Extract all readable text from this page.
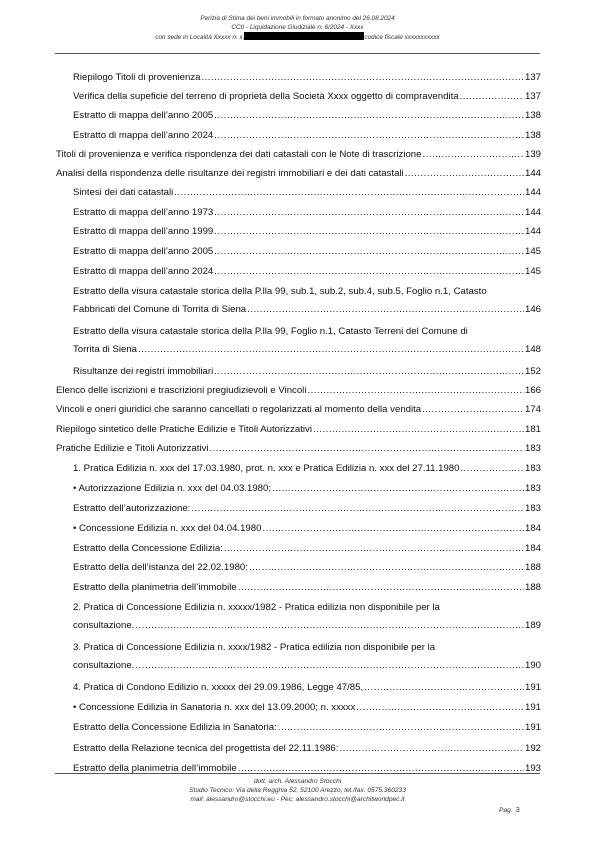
Perizia di Stima dei beni immobili in formato anonimo del 26.08.2024
CCII - Liquidazione Giudiziale n. 6/2024 - Xxxx
con sede in Località Xxxxx n. x,	codice fiscale xxxxxxxxxxx
Riepilogo Titoli di provenienza .....	137
Verifica della supeficie del terreno di proprietà della Società Xxxx oggetto di compravendita .....	137
Estratto di mappa dell’anno 2005 .....	138
Estratto di mappa dell’anno 2024 .....	138
Titoli di provenienza e verifica rispondenza dei dati catastali con le Note di trascrizione .....	139
Analisi della rispondenza delle risultanze dei registri immobiliari e dei dati catastali .....	144
Sintesi dei dati catastali .....	144
Estratto di mappa dell’anno 1973 .....	144
Estratto di mappa dell’anno 1999 .....	144
Estratto di mappa dell’anno 2005 .....	145
Estratto di mappa dell’anno 2024 .....	145
Estratto della visura catastale storica della P.lla 99, sub.1, sub.2, sub.4, sub.5, Foglio n.1, Catasto
Fabbricati del Comune di Torrita di Siena .....	146
Estratto della visura catastale storica della P.lla 99, Foglio n.1, Catasto Terreni del Comune di
Torrita di Siena .....	148
Risultanze dei registri immobiliari .....	152
Elenco delle iscrizioni e trascrizioni pregiudizievoli e Vincoli .....	166
Vincoli e oneri giuridici che saranno cancellati o regolarizzati al momento della vendita .....	174
Riepilogo sintetico delle Pratiche Edilizie e Titoli Autorizzativi .....	181
Pratiche Edilizie e Titoli Autorizzativi .....	183
1. Pratica Edilizia n. xxx del 17.03.1980, prot. n. xxx e Pratica Edilizia n. xxx del 27.11.1980 .....	183
• Autorizzazione Edilizia n. xxx del 04.03.1980; .....	183
Estratto dell’autorizzazione: .....	183
• Concessione Edilizia n. xxx del 04.04.1980 .....	184
Estratto della Concessione Edilizia: .....	184
Estratto della dell’istanza del 22.02.1980: .....	188
Estratto della planimetria dell’immobile .....	188
2. Pratica di Concessione Edilizia n. xxxxx/1982 - Pratica edilizia non disponibile per la
consultazione. .....	189
3. Pratica di Concessione Edilizia n. xxxx/1982 - Pratica edilizia non disponibile per la
consultazione. .....	190
4. Pratica di Condono Edilizio n. xxxxx del 29.09.1986, Legge 47/85, .....	191
• Concessione Edilizia in Sanatoria n. xxx del 13.09.2000; n. xxxxx .....	191
Estratto della Concessione Edilizia in Sanatoria: .....	191
Estratto della Relazione tecnica del progettista del 22.11.1986: .....	192
Estratto della planimetria dell’immobile .....	193
dott. arch. Alessandro Stocchi
Studio Tecnico: Via della Regghia 52, 52100 Arezzo, tel./fax. 0575.360233
mail: alessandro@stocchi.eu - Pec: alessandro.stocchi@architworldpec.it
Pag. 3
